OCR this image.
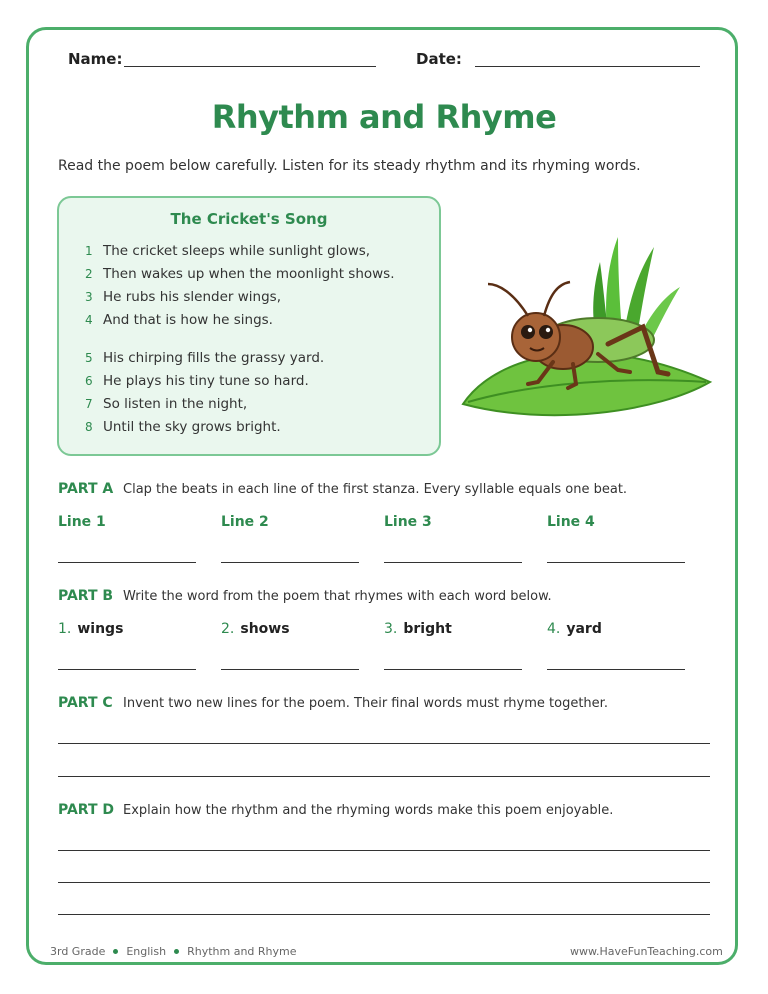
Name:	Date:
Rhythm and Rhyme
Read the poem below carefully. Listen for its steady rhythm and its rhyming words.
The Cricket's Song
1 The cricket sleeps while sunlight glows,
2 Then wakes up when the moonlight shows.
3 He rubs his slender wings,
4 And that is how he sings.
5 His chirping fills the grassy yard.
6 He plays his tiny tune so hard.
7 So listen in the night,
8 Until the sky grows bright.
PART A Clap the beats in each line of the first stanza. Every syllable equals one beat.
Line 1	Line 2	Line 3	Line 4
PART B Write the word from the poem that rhymes with each word below.
1. wings	2. shows	3. bright	4. yard
PART C Invent two new lines for the poem. Their final words must rhyme together.
PART D Explain how the rhythm and the rhyming words make this poem enjoyable.
3rd Grade English Rhythm and Rhyme	www.HaveFunTeaching.com
